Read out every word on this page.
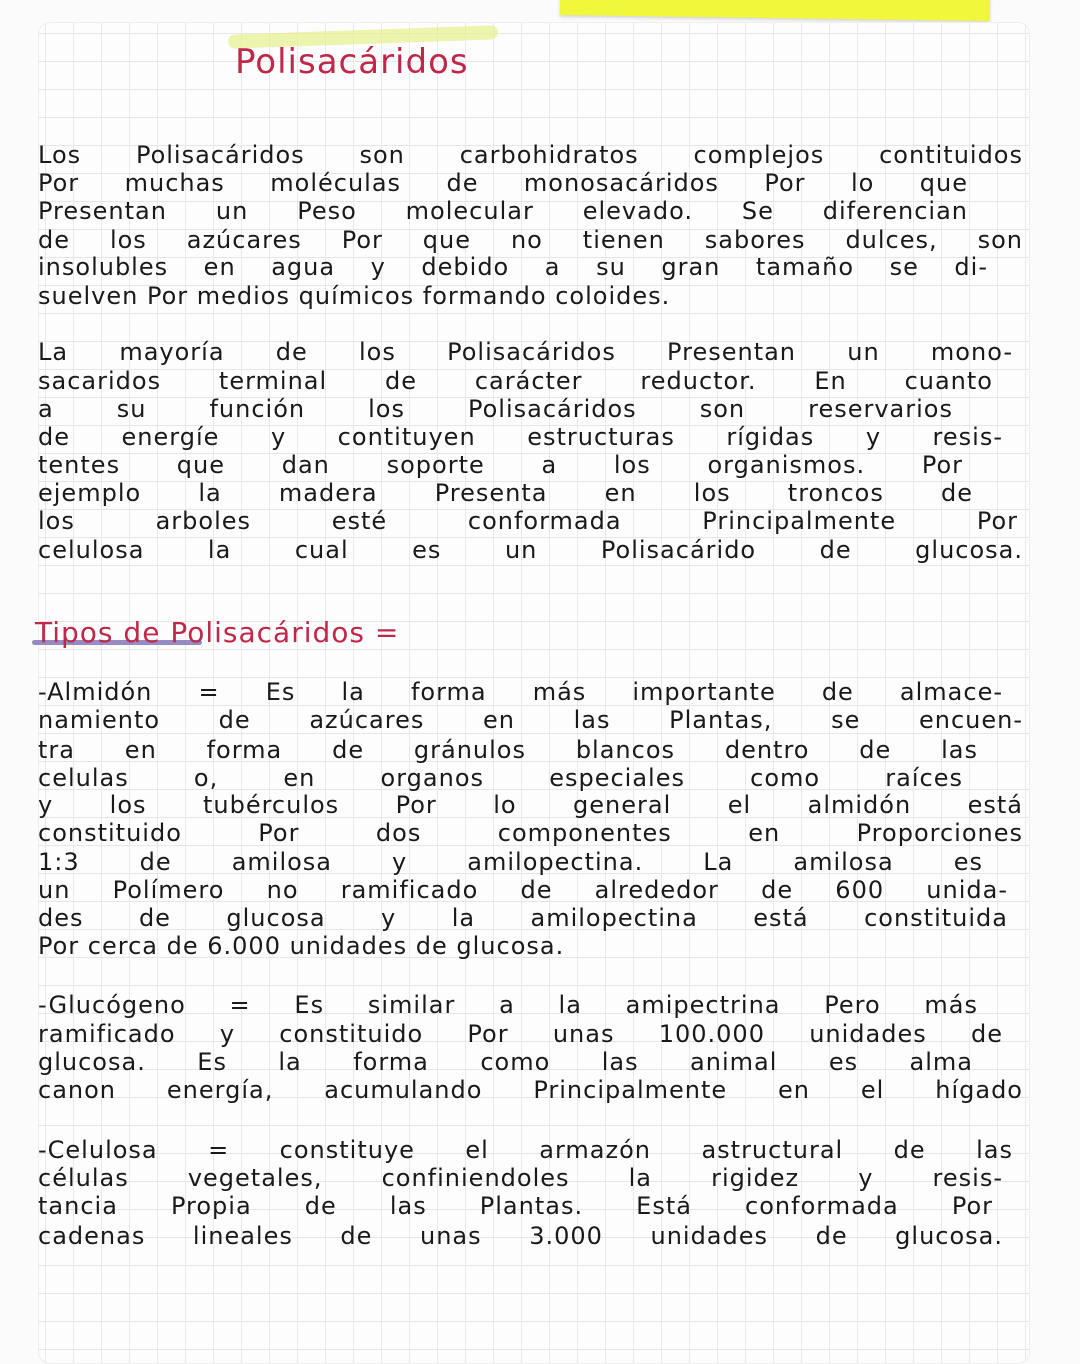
Polisacáridos
Los Polisacáridos son carbohidratos complejos contituidos
Por muchas moléculas de monosacáridos Por lo que
Presentan un Peso molecular elevado. Se diferencian
de los azúcares Por que no tienen sabores dulces, son
insolubles en agua y debido a su gran tamaño se di-
suelven Por medios químicos formando coloides.
La mayoría de los Polisacáridos Presentan un mono-
sacaridos terminal de carácter reductor. En cuanto
a su función los Polisacáridos son reservarios
de energíe y contituyen estructuras rígidas y resis-
tentes que dan soporte a los organismos. Por
ejemplo la madera Presenta en los troncos de
los arboles esté conformada Principalmente Por
celulosa la cual es un Polisacárido de glucosa.
Tipos de Polisacáridos =
-Almidón = Es la forma más importante de almace-
namiento de azúcares en las Plantas, se encuen-
tra en forma de gránulos blancos dentro de las
celulas o, en organos especiales como raíces
y los tubérculos Por lo general el almidón está
constituido Por dos componentes en Proporciones
1:3 de amilosa y amilopectina. La amilosa es
un Polímero no ramificado de alrededor de 600 unida-
des de glucosa y la amilopectina está constituida
Por cerca de 6.000 unidades de glucosa.
-Glucógeno = Es similar a la amipectrina Pero más
ramificado y constituido Por unas 100.000 unidades de
glucosa. Es la forma como las animal es alma
canon energía, acumulando Principalmente en el hígado
-Celulosa = constituye el armazón astructural de las
células vegetales, confiniendoles la rigidez y resis-
tancia Propia de las Plantas. Está conformada Por
cadenas lineales de unas 3.000 unidades de glucosa.
